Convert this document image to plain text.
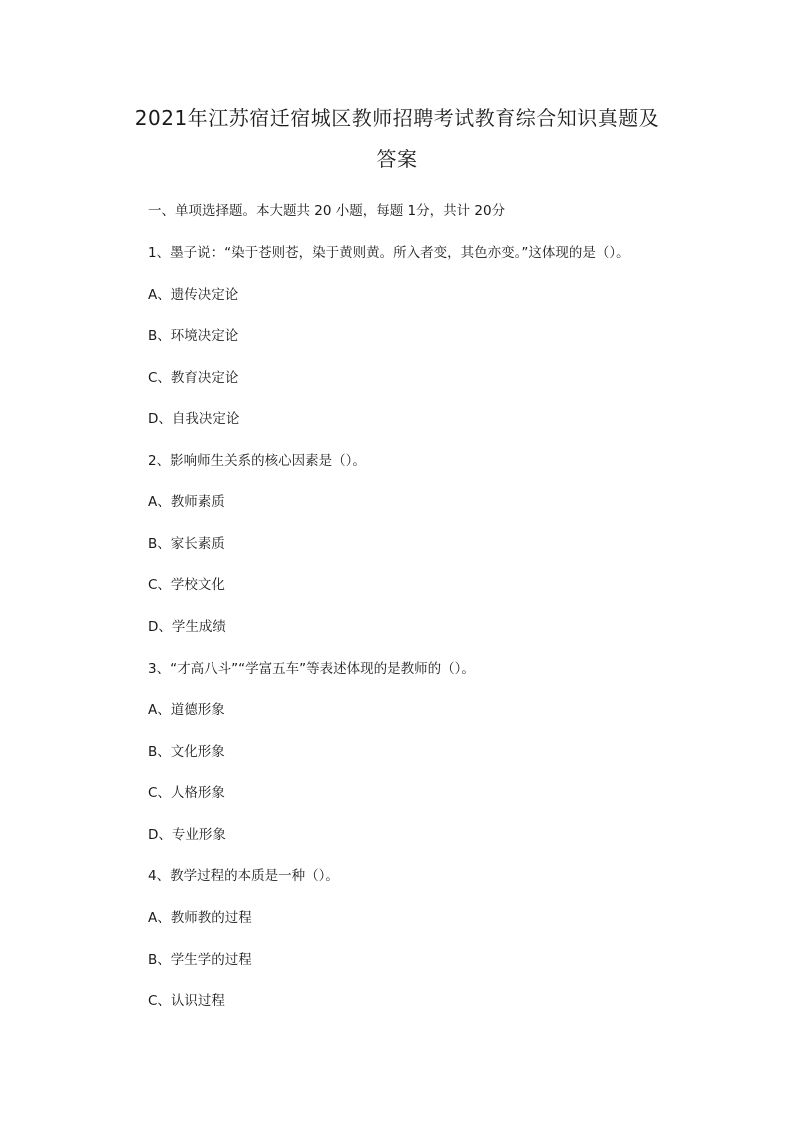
2021年江苏宿迁宿城区教师招聘考试教育综合知识真题及
答案

一、单项选择题。本大题共 20 小题，每题 1分，共计 20分

1、墨子说：“染于苍则苍，染于黄则黄。所入者变，其色亦变。”这体现的是（）。

A、遗传决定论

B、环境决定论

C、教育决定论

D、自我决定论

2、影响师生关系的核心因素是（）。

A、教师素质

B、家长素质

C、学校文化

D、学生成绩

3、“才高八斗”“学富五车”等表述体现的是教师的（）。

A、道德形象

B、文化形象

C、人格形象

D、专业形象

4、教学过程的本质是一种（）。

A、教师教的过程

B、学生学的过程

C、认识过程
